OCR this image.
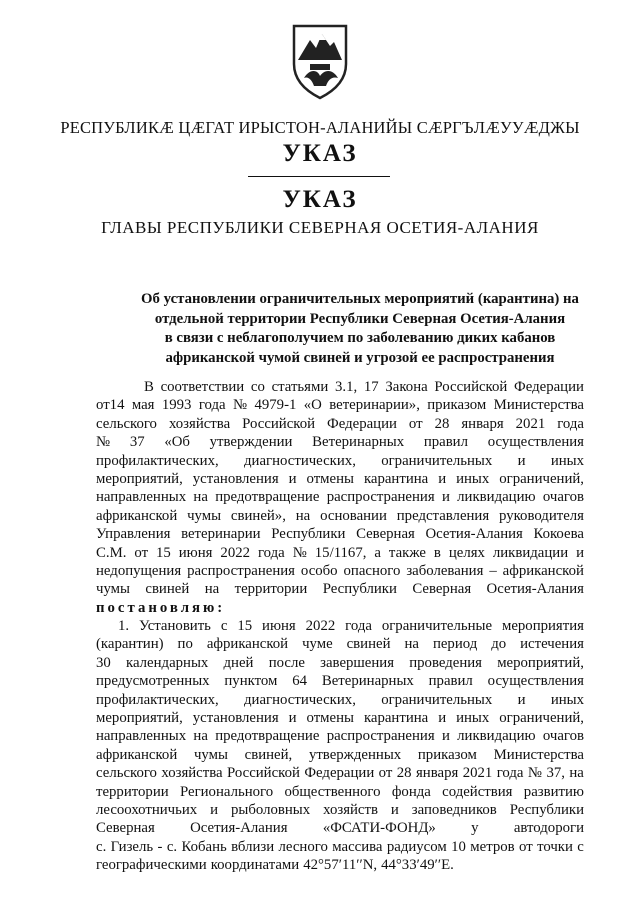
РЕСПУБЛИКӔ ЦӔГАТ ИРЫСТОН-АЛАНИЙЫ СӔРГЪЛӔУУӔДЖЫ
УКАЗ
УКАЗ
ГЛАВЫ РЕСПУБЛИКИ СЕВЕРНАЯ ОСЕТИЯ-АЛАНИЯ
Об установлении ограничительных мероприятий (карантина) на
отдельной территории Республики Северная Осетия-Алания
в связи с неблагополучием по заболеванию диких кабанов
африканской чумой свиней и угрозой ее распространения
В соответствии со статьями 3.1, 17 Закона Российской Федерации
от14 мая 1993 года № 4979-1 «О ветеринарии», приказом Министерства
сельского хозяйства Российской Федерации от 28 января 2021 года
№ 37 «Об утверждении Ветеринарных правил осуществления
профилактических, диагностических, ограничительных и иных
мероприятий, установления и отмены карантина и иных ограничений,
направленных на предотвращение распространения и ликвидацию очагов
африканской чумы свиней», на основании представления руководителя
Управления ветеринарии Республики Северная Осетия-Алания Кокоева
С.М. от 15 июня 2022 года № 15/1167, а также в целях ликвидации и
недопущения распространения особо опасного заболевания – африканской
чумы свиней на территории Республики Северная Осетия-Алания
постановляю:
1. Установить с 15 июня 2022 года ограничительные мероприятия
(карантин) по африканской чуме свиней на период до истечения
30 календарных дней после завершения проведения мероприятий,
предусмотренных пунктом 64 Ветеринарных правил осуществления
профилактических, диагностических, ограничительных и иных
мероприятий, установления и отмены карантина и иных ограничений,
направленных на предотвращение распространения и ликвидацию очагов
африканской чумы свиней, утвержденных приказом Министерства
сельского хозяйства Российской Федерации от 28 января 2021 года № 37, на
территории Регионального общественного фонда содействия развитию
лесоохотничьих и рыболовных хозяйств и заповедников Республики
Северная Осетия-Алания «ФСАТИ-ФОНД» у автодороги
с. Гизель - с. Кобань вблизи лесного массива радиусом 10 метров от точки с
географическими координатами 42°57′11′′N, 44°33′49′′E.
